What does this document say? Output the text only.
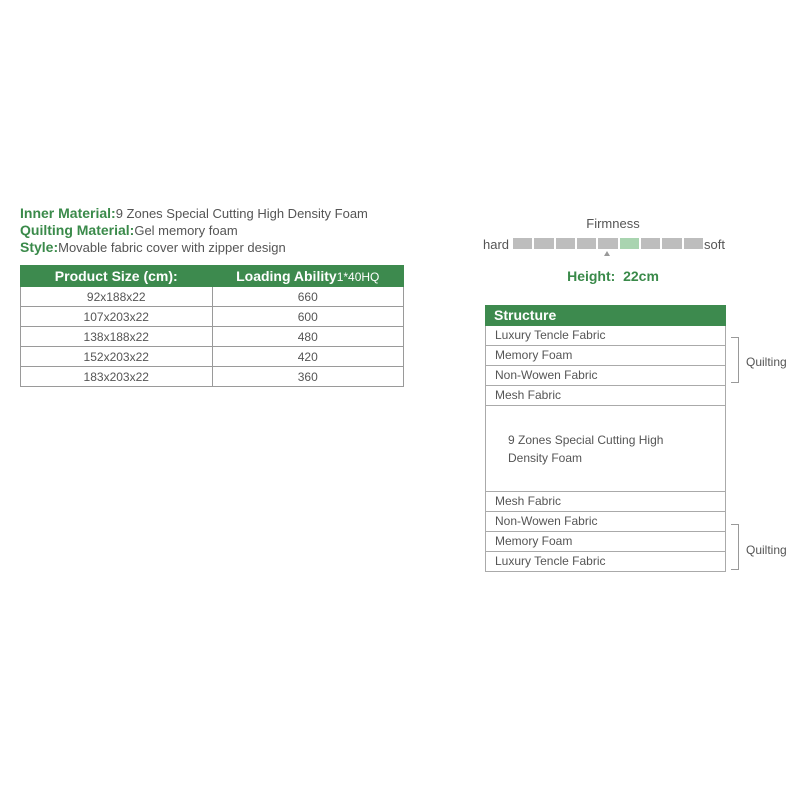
Inner Material:9 Zones Special Cutting High Density Foam
Quilting Material:Gel memory foam
Style:Movable fabric cover with zipper design
Product Size (cm):	Loading Ability1*40HQ
92x188x22	660
107x203x22	600
138x188x22	480
152x203x22	420
183x203x22	360
Firmness
hard	soft
Height: 22cm
Structure
Luxury Tencle Fabric
Memory Foam
Non-Wowen Fabric
Mesh Fabric
9 Zones Special Cutting High
Density Foam
Mesh Fabric
Non-Wowen Fabric
Memory Foam
Luxury Tencle Fabric
Quilting
Quilting
